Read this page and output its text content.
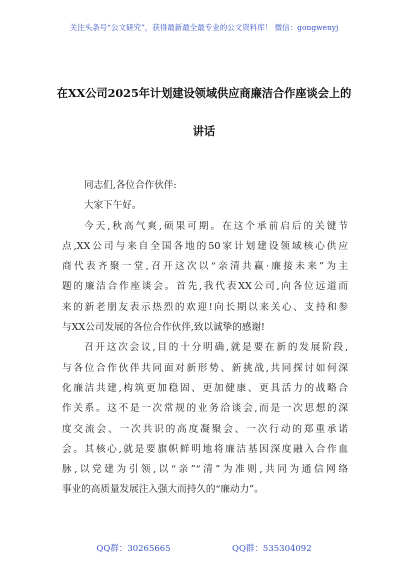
关注头条号“公文研究”，获得最新最全最专业的公文资料库！ 微信：gongwenyj
在XX公司2025年计划建设领域供应商廉洁合作座谈会上的
讲话
同志们,各位合作伙伴:
大家下午好。
今天,秋高气爽,硕果可期。在这个承前启后的关键节
点,XX公司与来自全国各地的50家计划建设领域核心供应
商代表齐聚一堂,召开这次以“亲清共赢·廉接未来”为主
题的廉洁合作座谈会。首先,我代表XX公司,向各位远道而
来的新老朋友表示热烈的欢迎!向长期以来关心、支持和参
与XX公司发展的各位合作伙伴,致以诚挚的感谢!
召开这次会议,目的十分明确,就是要在新的发展阶段,
与各位合作伙伴共同面对新形势、新挑战,共同探讨如何深
化廉洁共建,构筑更加稳固、更加健康、更具活力的战略合
作关系。这不是一次常规的业务洽谈会,而是一次思想的深
度交流会、一次共识的高度凝聚会、一次行动的郑重承诺
会。其核心,就是要旗帜鲜明地将廉洁基因深度融入合作血
脉,以党建为引领,以“亲”“清”为准则,共同为通信网络
事业的高质量发展注入强大而持久的“廉动力”。
QQ群：30265665	QQ群：535304092
